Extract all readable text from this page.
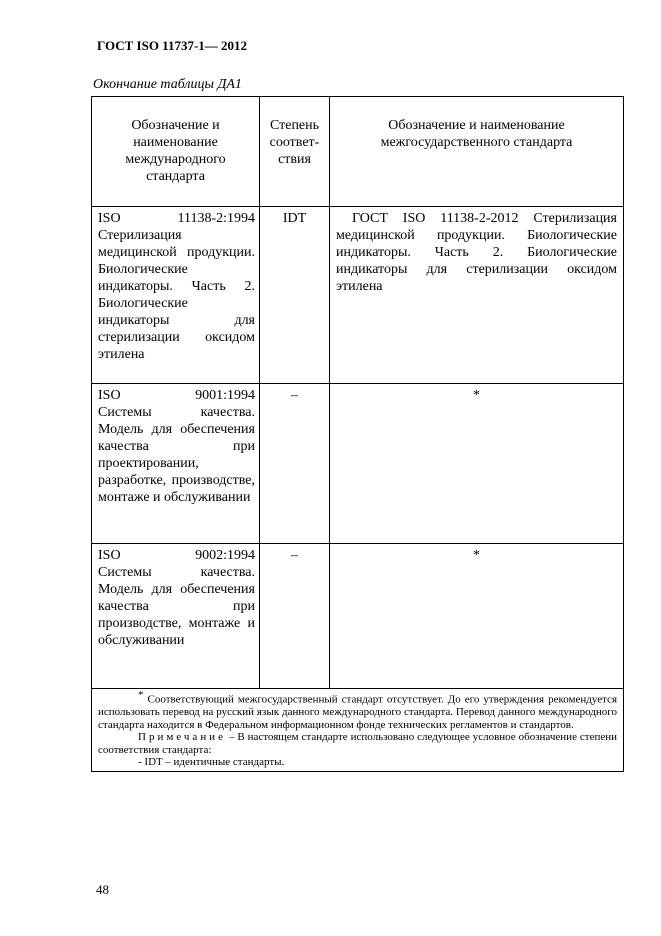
ГОСТ ISO 11737-1— 2012
Окончание таблицы ДА1
Обозначение и наименование международного стандарта	Степень соответ-ствия	Обозначение и наименование межгосударственного стандарта

ISO 11138-2:1994
Стерилизация медицинской продукции. Биологические индикаторы. Часть 2. Биологические индикаторы для стерилизации оксидом этилена	IDT	ГОСТ ISO 11138-2-2012 Стерилизация медицинской продукции. Биологические индикаторы. Часть 2. Биологические индикаторы для стерилизации оксидом этилена

ISO 9001:1994
Системы качества. Модель для обеспечения качества при проектировании, разработке, производстве, монтаже и обслуживании	–	*

ISO 9002:1994
Системы качества. Модель для обеспечения качества при производстве, монтаже и обслуживании	–	*

* Соответствующий межгосударственный стандарт отсутствует. До его утверждения рекомендуется использовать перевод на русский язык данного международного стандарта. Перевод данного международного стандарта находится в Федеральном информационном фонде технических регламентов и стандартов.
Примечание – В настоящем стандарте использовано следующее условное обозначение степени соответствия стандарта:
- IDT – идентичные стандарты.		
48
